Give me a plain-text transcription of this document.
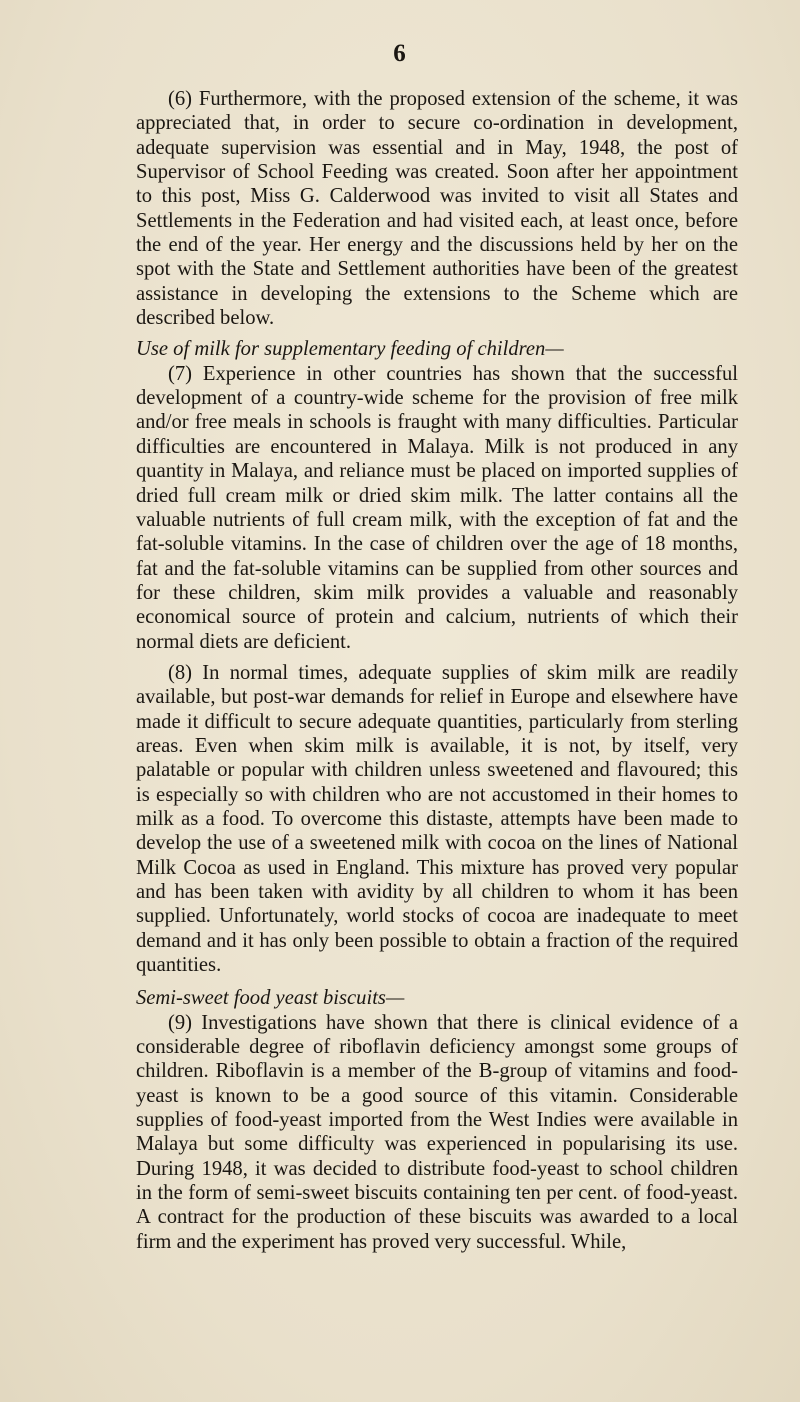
6

(6) Furthermore, with the proposed extension of the scheme, it was appreciated that, in order to secure co-ordination in development, adequate supervision was essential and in May, 1948, the post of Supervisor of School Feeding was created. Soon after her appointment to this post, Miss G. Calderwood was invited to visit all States and Settlements in the Federation and had visited each, at least once, before the end of the year. Her energy and the discussions held by her on the spot with the State and Settlement authorities have been of the greatest assistance in developing the extensions to the Scheme which are described below.

Use of milk for supplementary feeding of children—

(7) Experience in other countries has shown that the successful development of a country-wide scheme for the provision of free milk and/or free meals in schools is fraught with many difficulties. Particular difficulties are encountered in Malaya. Milk is not produced in any quantity in Malaya, and reliance must be placed on imported supplies of dried full cream milk or dried skim milk. The latter contains all the valuable nutrients of full cream milk, with the exception of fat and the fat-soluble vitamins. In the case of children over the age of 18 months, fat and the fat-soluble vitamins can be supplied from other sources and for these children, skim milk provides a valuable and reasonably economical source of protein and calcium, nutrients of which their normal diets are deficient.

(8) In normal times, adequate supplies of skim milk are readily available, but post-war demands for relief in Europe and elsewhere have made it difficult to secure adequate quantities, particularly from sterling areas. Even when skim milk is available, it is not, by itself, very palatable or popular with children unless sweetened and flavoured; this is especially so with children who are not accustomed in their homes to milk as a food. To overcome this distaste, attempts have been made to develop the use of a sweetened milk with cocoa on the lines of National Milk Cocoa as used in England. This mixture has proved very popular and has been taken with avidity by all children to whom it has been supplied. Unfortunately, world stocks of cocoa are inadequate to meet demand and it has only been possible to obtain a fraction of the required quantities.

Semi-sweet food yeast biscuits—

(9) Investigations have shown that there is clinical evidence of a considerable degree of riboflavin deficiency amongst some groups of children. Riboflavin is a member of the B-group of vitamins and food-yeast is known to be a good source of this vitamin. Considerable supplies of food-yeast imported from the West Indies were available in Malaya but some difficulty was experienced in popularising its use. During 1948, it was decided to distribute food-yeast to school children in the form of semi-sweet biscuits containing ten per cent. of food-yeast. A contract for the production of these biscuits was awarded to a local firm and the experiment has proved very successful. While,
